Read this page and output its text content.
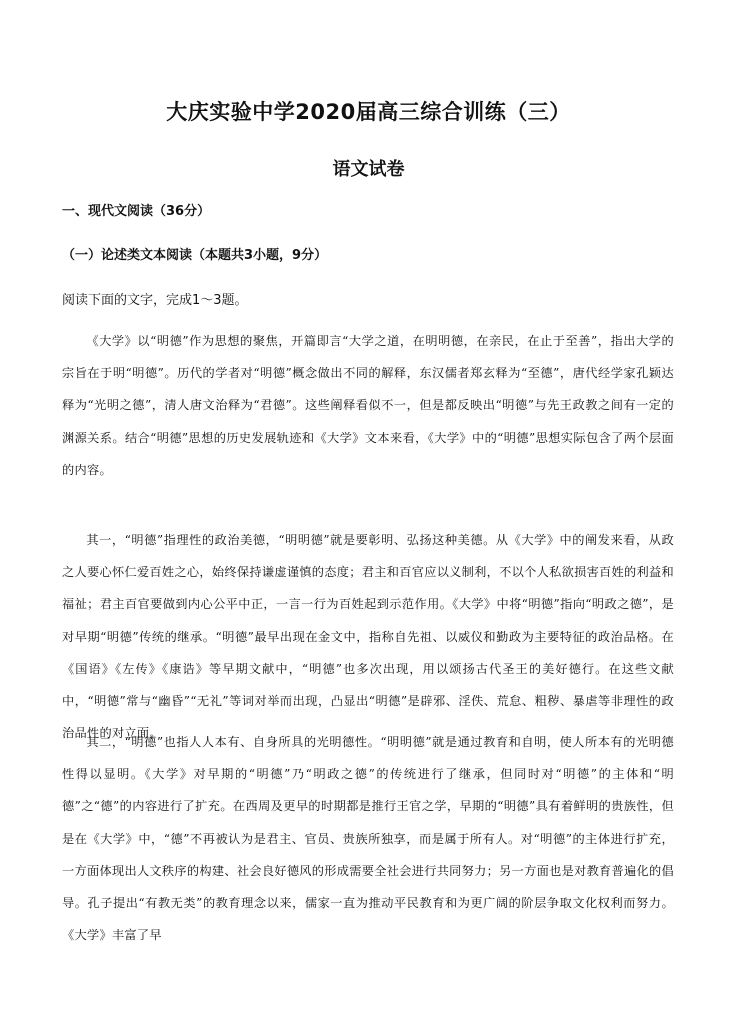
大庆实验中学2020届高三综合训练（三）
语文试卷
一、现代文阅读（36分）
（一）论述类文本阅读（本题共3小题，9分）
阅读下面的文字，完成1～3题。

《大学》以“明德”作为思想的聚焦，开篇即言“大学之道，在明明德，在亲民，在止于至善”，指出大学的宗旨在于明“明德”。历代的学者对“明德”概念做出不同的解释，东汉儒者郑玄释为“至德”，唐代经学家孔颖达释为“光明之德”，清人唐文治释为“君德”。这些阐释看似不一，但是都反映出“明德”与先王政教之间有一定的渊源关系。结合“明德”思想的历史发展轨迹和《大学》文本来看，《大学》中的“明德”思想实际包含了两个层面的内容。

其一，“明德”指理性的政治美德，“明明德”就是要彰明、弘扬这种美德。从《大学》中的阐发来看，从政之人要心怀仁爱百姓之心，始终保持谦虚谨慎的态度；君主和百官应以义制利，不以个人私欲损害百姓的利益和福祉；君主百官要做到内心公平中正，一言一行为百姓起到示范作用。《大学》中将“明德”指向“明政之德”，是对早期“明德”传统的继承。“明德”最早出现在金文中，指称自先祖、以威仪和勤政为主要特征的政治品格。在《国语》《左传》《康诰》等早期文献中，“明德”也多次出现，用以颂扬古代圣王的美好德行。在这些文献中，“明德”常与“幽昏”“无礼”等词对举而出现，凸显出“明德”是辟邪、淫佚、荒怠、粗秽、暴虐等非理性的政治品性的对立面。

其二，“明德”也指人人本有、自身所具的光明德性。“明明德”就是通过教育和自明，使人所本有的光明德性得以显明。《大学》对早期的“明德”乃“明政之德”的传统进行了继承，但同时对“明德”的主体和“明德”之“德”的内容进行了扩充。在西周及更早的时期都是推行王官之学，早期的“明德”具有着鲜明的贵族性，但是在《大学》中，“德”不再被认为是君主、官员、贵族所独享，而是属于所有人。对“明德”的主体进行扩充，一方面体现出人文秩序的构建、社会良好德风的形成需要全社会进行共同努力；另一方面也是对教育普遍化的倡导。孔子提出“有教无类”的教育理念以来，儒家一直为推动平民教育和为更广阔的阶层争取文化权利而努力。《大学》丰富了早
